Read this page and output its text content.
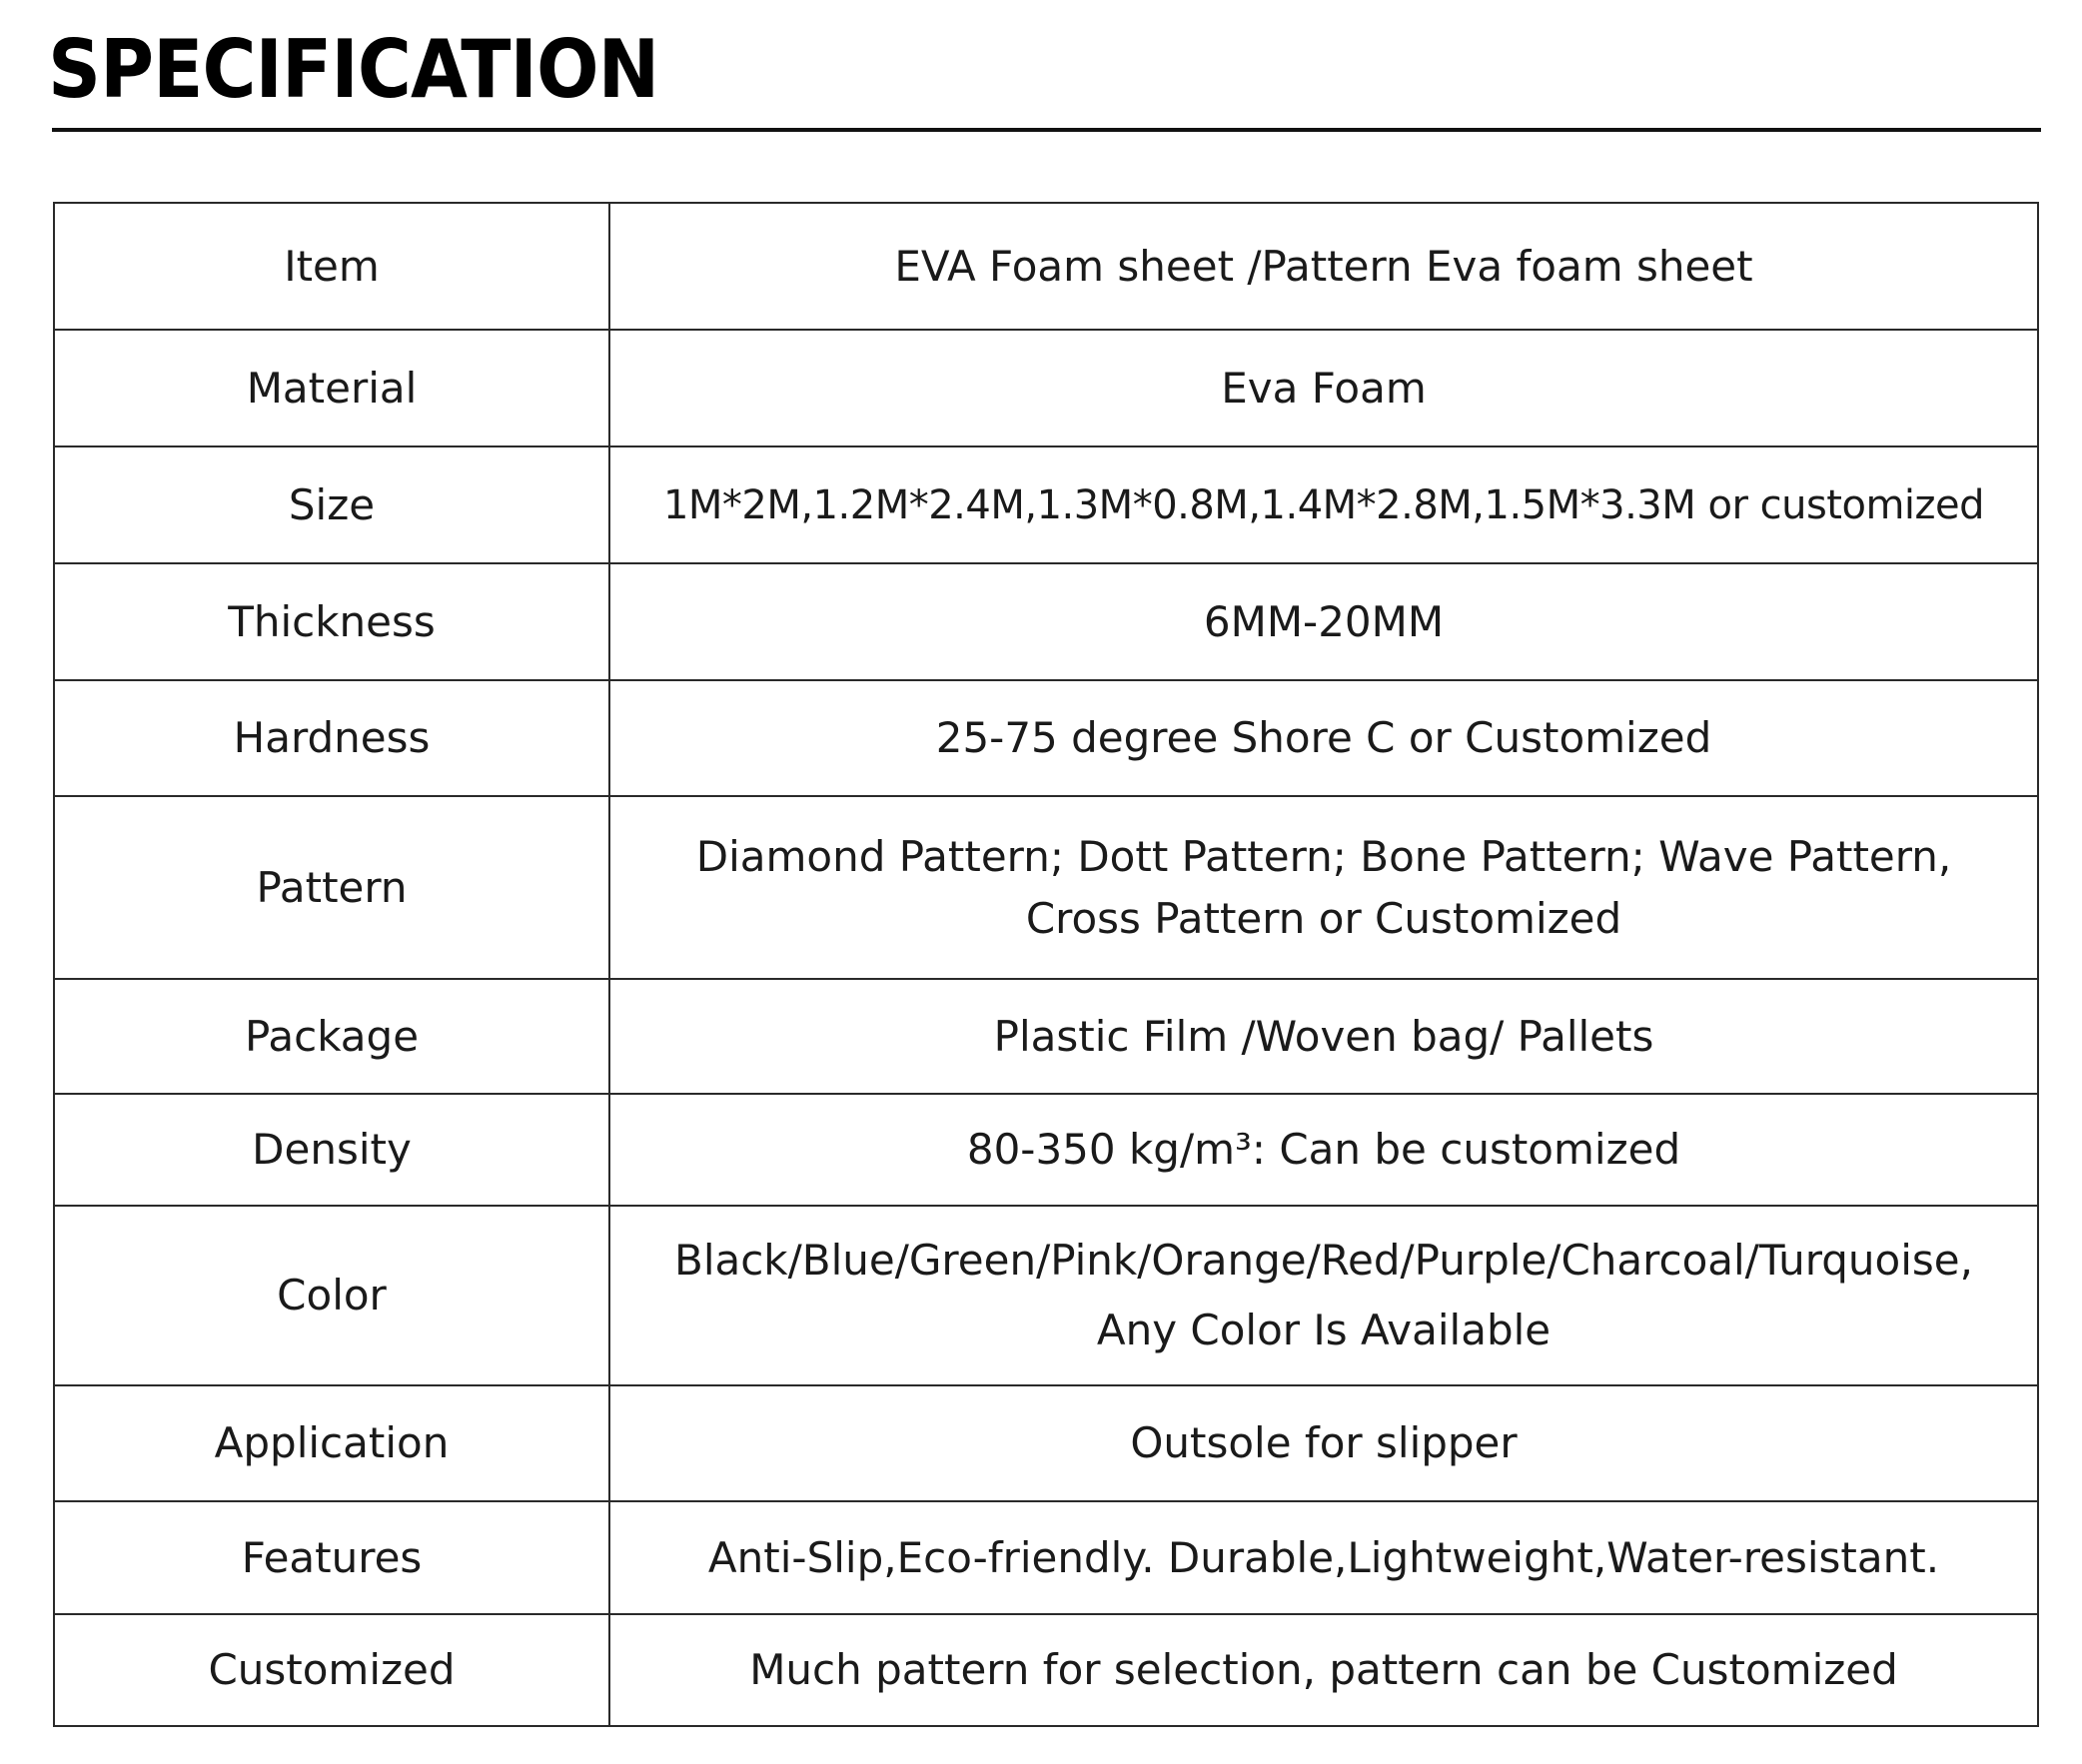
SPECIFICATION
Item	EVA Foam sheet /Pattern Eva foam sheet

Material	Eva Foam

Size	1M*2M,1.2M*2.4M,1.3M*0.8M,1.4M*2.8M,1.5M*3.3M or customized

Thickness	6MM-20MM

Hardness	25-75 degree Shore C or Customized

Pattern	Diamond Pattern; Dott Pattern; Bone Pattern; Wave Pattern,
Cross Pattern or Customized

Package	Plastic Film /Woven bag/ Pallets

Density	80-350 kg/m³: Can be customized

Color	Black/Blue/Green/Pink/Orange/Red/Purple/Charcoal/Turquoise,
Any Color Is Available

Application	Outsole for slipper

Features	Anti-Slip,Eco-friendly. Durable,Lightweight,Water-resistant.

Customized	Much pattern for selection, pattern can be Customized
